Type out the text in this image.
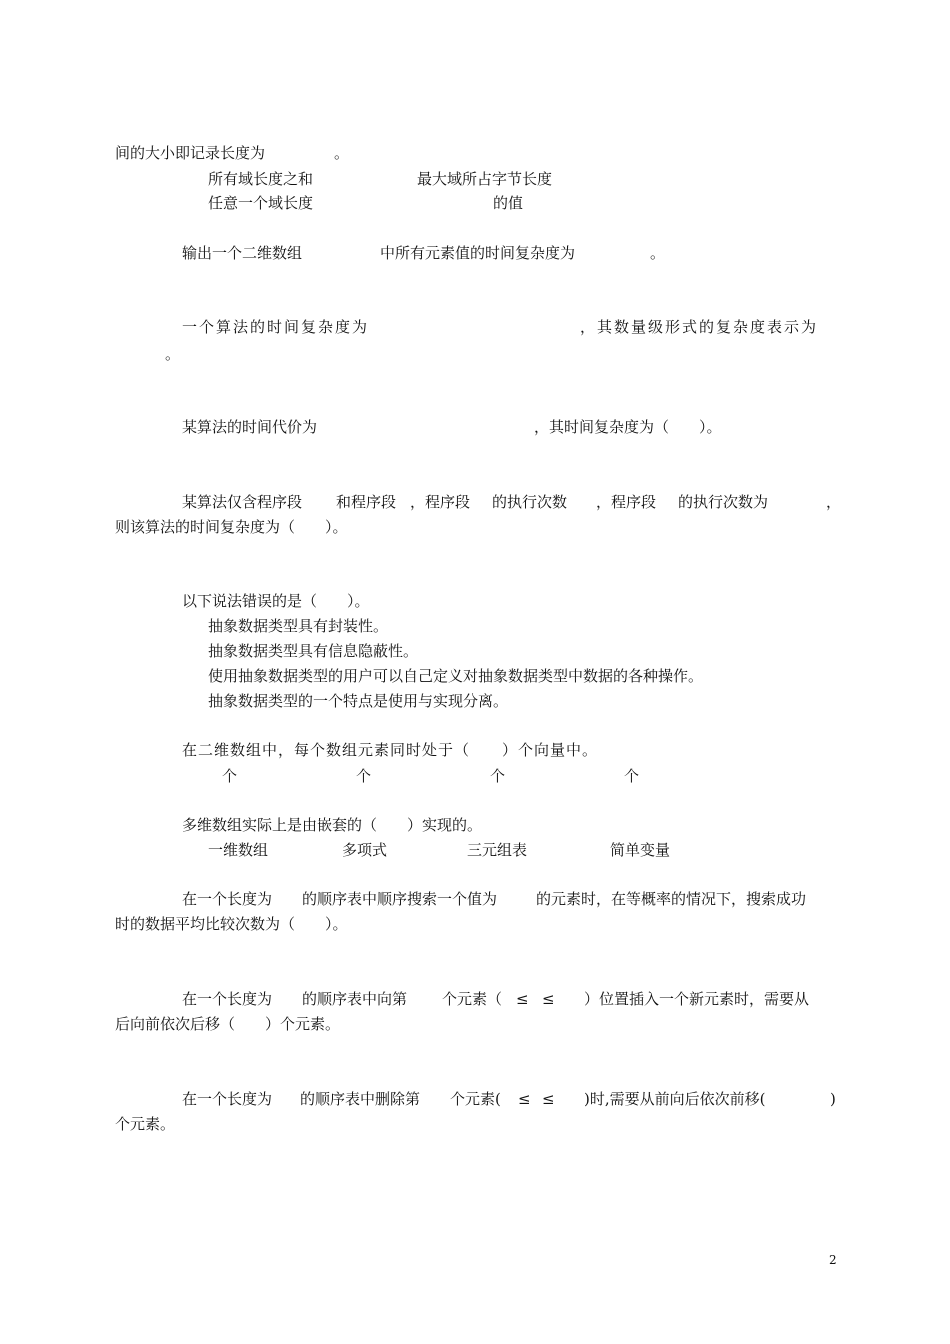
间的大小即记录长度为	。
所有域长度之和	最大域所占字节长度
任意一个域长度	的值
输出一个二维数组	中所有元素值的时间复杂度为	。
一个算法的时间复杂度为	，其数量级形式的复杂度表示为
。
某算法的时间代价为	，其时间复杂度为（　　）。
某算法仅含程序段 和程序段 ，程序段 的执行次数 ，程序段 的执行次数为	，
则该算法的时间复杂度为（　　）。
以下说法错误的是（　　）。
抽象数据类型具有封装性。
抽象数据类型具有信息隐蔽性。
使用抽象数据类型的用户可以自己定义对抽象数据类型中数据的各种操作。
抽象数据类型的一个特点是使用与实现分离。
在二维数组中，每个数组元素同时处于（　　）个向量中。
个	个	个	个
多维数组实际上是由嵌套的（　　）实现的。
一维数组	多项式	三元组表	简单变量
在一个长度为 的顺序表中顺序搜索一个值为	的元素时，在等概率的情况下，搜索成功
时的数据平均比较次数为（　　）。
在一个长度为 的顺序表中向第 个元素（ ≤ ≤ ）位置插入一个新元素时，需要从
后向前依次后移（　　）个元素。
在一个长度为 的顺序表中删除第 个元素( ≤ ≤ )时,需要从前向后依次前移(	)
个元素。
2
